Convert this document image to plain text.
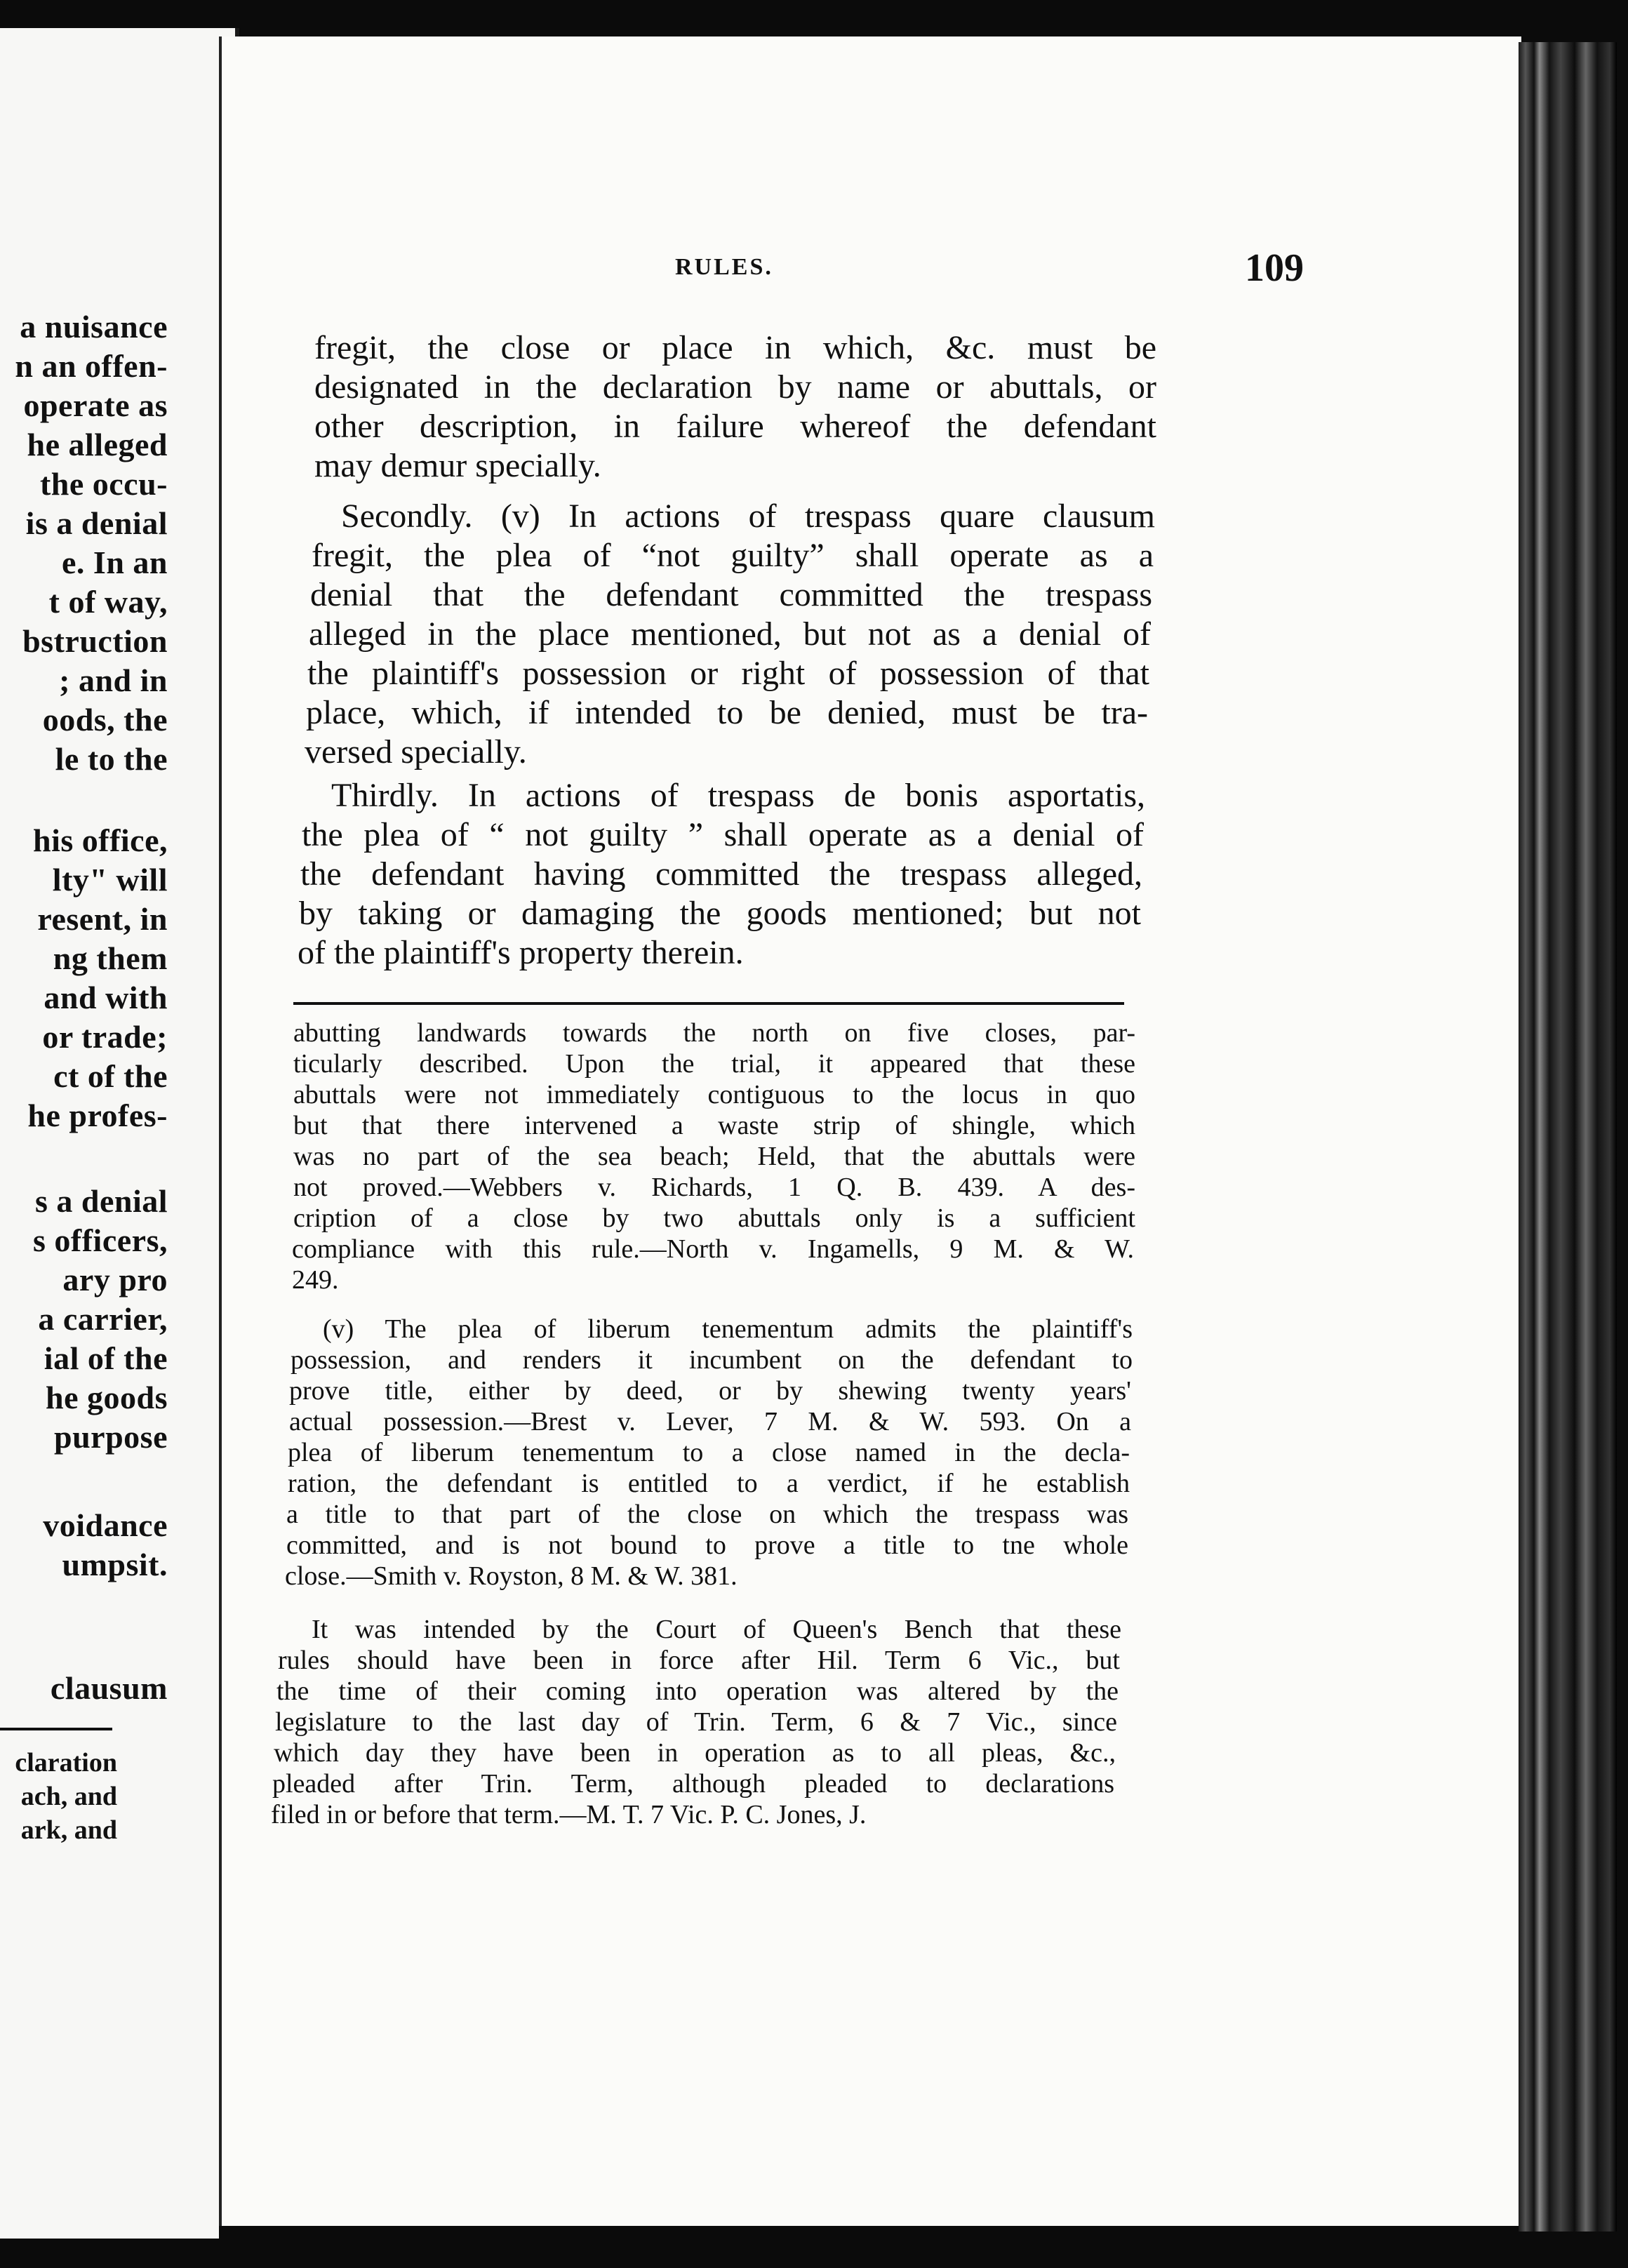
a nuisance
n an offen-
operate as
he alleged
the occu-
is a denial
e. In an
t of way,
bstruction
; and in
oods, the
le to the
his office,
lty" will
resent, in
ng them
and with
or trade;
ct of the
he profes-
s a denial
s officers,
ary pro
a carrier,
ial of the
he goods
purpose
voidance
umpsit.
clausum
claration
ach, and
ark, and
RULES.	109
fregit, the close or place in which, &c. must be
designated in the declaration by name or abuttals, or
other description, in failure whereof the defendant
may demur specially.
Secondly. (v) In actions of trespass quare clausum
fregit, the plea of “not guilty” shall operate as a
denial that the defendant committed the trespass
alleged in the place mentioned, but not as a denial of
the plaintiff's possession or right of possession of that
place, which, if intended to be denied, must be tra-
versed specially.
Thirdly. In actions of trespass de bonis asportatis,
the plea of “ not guilty ” shall operate as a denial of
the defendant having committed the trespass alleged,
by taking or damaging the goods mentioned; but not
of the plaintiff's property therein.
abutting landwards towards the north on five closes, par-
ticularly described. Upon the trial, it appeared that these
abuttals were not immediately contiguous to the locus in quo
but that there intervened a waste strip of shingle, which
was no part of the sea beach; Held, that the abuttals were
not proved.—Webbers v. Richards, 1 Q. B. 439. A des-
cription of a close by two abuttals only is a sufficient
compliance with this rule.—North v. Ingamells, 9 M. & W.
249.
(v) The plea of liberum tenementum admits the plaintiff's
possession, and renders it incumbent on the defendant to
prove title, either by deed, or by shewing twenty years'
actual possession.—Brest v. Lever, 7 M. & W. 593. On a
plea of liberum tenementum to a close named in the decla-
ration, the defendant is entitled to a verdict, if he establish
a title to that part of the close on which the trespass was
committed, and is not bound to prove a title to tne whole
close.—Smith v. Royston, 8 M. & W. 381.
It was intended by the Court of Queen's Bench that these
rules should have been in force after Hil. Term 6 Vic., but
the time of their coming into operation was altered by the
legislature to the last day of Trin. Term, 6 & 7 Vic., since
which day they have been in operation as to all pleas, &c.,
pleaded after Trin. Term, although pleaded to declarations
filed in or before that term.—M. T. 7 Vic. P. C. Jones, J.
